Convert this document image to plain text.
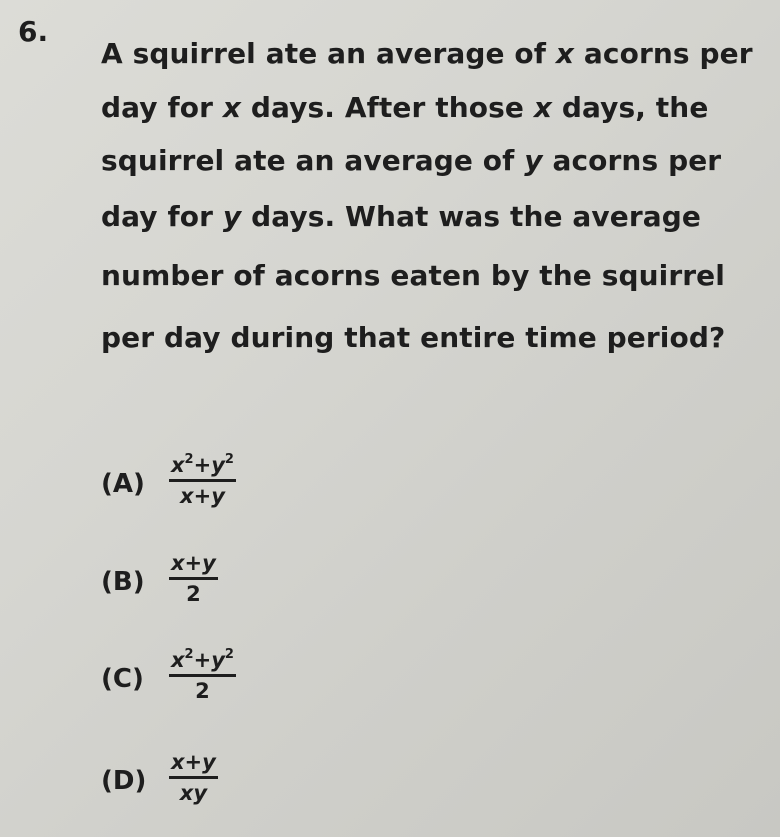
6.
A squirrel ate an average of x acorns per
day for x days. After those x days, the
squirrel ate an average of y acorns per
day for y days. What was the average
number of acorns eaten by the squirrel
per day during that entire time period?
(A)
$x^2+y^2$
x+y
(B)
x+y
2
(C)
$x^2+y^2$
2
(D)
x+y
xy
